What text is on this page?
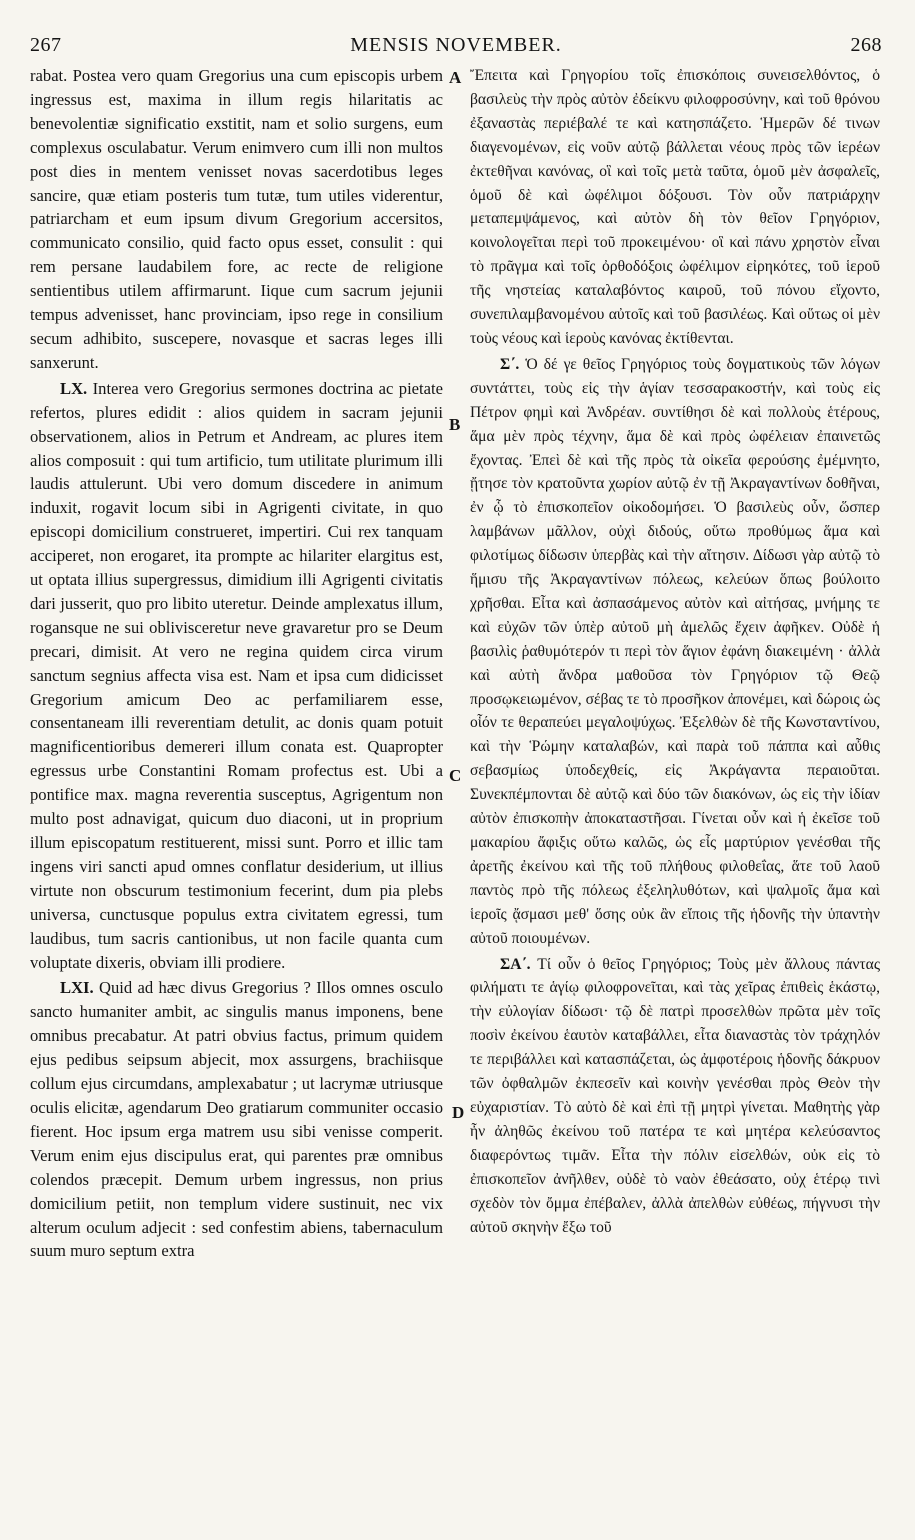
267	MENSIS NOVEMBER.	268

rabat. Postea vero quam Gregorius una cum episcopis urbem ingressus est, maxima in illum regis hilaritatis ac benevolentiæ significatio exstitit, nam et solio surgens, eum complexus osculabatur. Verum enimvero cum illi non multos post dies in mentem venisset novas sacerdotibus leges sancire, quæ etiam posteris tum tutæ, tum utiles viderentur, patriarcham et eum ipsum divum Gregorium accersitos, communicato consilio, quid facto opus esset, consulit : qui rem persane laudabilem fore, ac recte de religione sentientibus utilem affirmarunt. Iique cum sacrum jejunii tempus advenisset, hanc provinciam, ipso rege in consilium secum adhibito, suscepere, novasque et sacras leges illi sanxerunt.

LX. Interea vero Gregorius sermones doctrina ac pietate refertos, plures edidit : alios quidem in sacram jejunii observationem, alios in Petrum et Andream, ac plures item alios composuit : qui tum artificio, tum utilitate plurimum illi laudis attulerunt. Ubi vero domum discedere in animum induxit, rogavit locum sibi in Agrigenti civitate, in quo episcopi domicilium construeret, impertiri. Cui rex tanquam acciperet, non erogaret, ita prompte ac hilariter elargitus est, ut optata illius supergressus, dimidium illi Agrigenti civitatis dari jusserit, quo pro libito uteretur. Deinde amplexatus illum, rogansque ne sui oblivisceretur neve gravaretur pro se Deum precari, dimisit. At vero ne regina quidem circa virum sanctum segnius affecta visa est. Nam et ipsa cum didicisset Gregorium amicum Deo ac perfamiliarem esse, consentaneam illi reverentiam detulit, ac donis quam potuit magnificentioribus demereri illum conata est. Quapropter egressus urbe Constantini Romam profectus est. Ubi a pontifice max. magna reverentia susceptus, Agrigentum non multo post adnavigat, quicum duo diaconi, ut in proprium illum episcopatum restituerent, missi sunt. Porro et illic tam ingens viri sancti apud omnes conflatur desiderium, ut illius virtute non obscurum testimonium fecerint, dum pia plebs universa, cunctusque populus extra civitatem egressi, tum laudibus, tum sacris cantionibus, ut non facile quanta cum voluptate dixeris, obviam illi prodiere.

LXI. Quid ad hæc divus Gregorius ? Illos omnes osculo sancto humaniter ambit, ac singulis manus imponens, bene omnibus precabatur. At patri obvius factus, primum quidem ejus pedibus seipsum abjecit, mox assurgens, brachiisque collum ejus circumdans, amplexabatur ; ut lacrymæ utriusque oculis elicitæ, agendarum Deo gratiarum communiter occasio fierent. Hoc ipsum erga matrem usu sibi venisse comperit. Verum enim ejus discipulus erat, qui parentes præ omnibus colendos præcepit. Demum urbem ingressus, non prius domicilium petiit, non templum videre sustinuit, nec vix alterum oculum adjecit : sed confestim abiens, tabernaculum suum muro septum extra

A
B
C
D

Ἔπειτα καὶ Γρηγορίου τοῖς ἐπισκόποις συνεισελθόντος, ὁ βασιλεὺς τὴν πρὸς αὐτὸν ἐδείκνυ φιλοφροσύνην, καὶ τοῦ θρόνου ἐξαναστὰς περιέβαλέ τε καὶ κατησπάζετο. Ἡμερῶν δέ τινων διαγενομένων, εἰς νοῦν αὐτῷ βάλλεται νέους πρὸς τῶν ἱερέων ἐκτεθῆναι κανόνας, οἳ καὶ τοῖς μετὰ ταῦτα, ὁμοῦ μὲν ἀσφαλεῖς, ὁμοῦ δὲ καὶ ὠφέλιμοι δόξουσι. Τὸν οὖν πατριάρχην μεταπεμψάμενος, καὶ αὐτὸν δὴ τὸν θεῖον Γρηγόριον, κοινολογεῖται περὶ τοῦ προκειμένου· οἳ καὶ πάνυ χρηστὸν εἶναι τὸ πρᾶγμα καὶ τοῖς ὀρθοδόξοις ὠφέλιμον εἰρηκότες, τοῦ ἱεροῦ τῆς νηστείας καταλαβόντος καιροῦ, τοῦ πόνου εἴχοντο, συνεπιλαμβανομένου αὐτοῖς καὶ τοῦ βασιλέως. Καὶ οὕτως οἱ μὲν τοὺς νέους καὶ ἱεροὺς κανόνας ἐκτίθενται.

Σ΄. Ὁ δέ γε θεῖος Γρηγόριος τοὺς δογματικοὺς τῶν λόγων συντάττει, τοὺς εἰς τὴν ἁγίαν τεσσαρακοστήν, καὶ τοὺς εἰς Πέτρον φημὶ καὶ Ἀνδρέαν. συντίθησι δὲ καὶ πολλοὺς ἑτέρους, ἅμα μὲν πρὸς τέχνην, ἅμα δὲ καὶ πρὸς ὠφέλειαν ἐπαινετῶς ἔχοντας. Ἐπεὶ δὲ καὶ τῆς πρὸς τὰ οἰκεῖα φερούσης ἐμέμνητο, ᾔτησε τὸν κρατοῦντα χωρίον αὐτῷ ἐν τῇ Ἀκραγαντίνων δοθῆναι, ἐν ᾧ τὸ ἐπισκοπεῖον οἰκοδομήσει. Ὁ βασιλεὺς οὖν, ὥσπερ λαμβάνων μᾶλλον, οὐχὶ διδούς, οὕτω προθύμως ἅμα καὶ φιλοτίμως δίδωσιν ὑπερβὰς καὶ τὴν αἴτησιν. Δίδωσι γὰρ αὐτῷ τὸ ἥμισυ τῆς Ἀκραγαντίνων πόλεως, κελεύων ὅπως βούλοιτο χρῆσθαι. Εἶτα καὶ ἀσπασάμενος αὐτὸν καὶ αἰτήσας, μνήμης τε καὶ εὐχῶν τῶν ὑπὲρ αὐτοῦ μὴ ἀμελῶς ἔχειν ἀφῆκεν. Οὐδὲ ἡ βασιλὶς ῥαθυμότερόν τι περὶ τὸν ἅγιον ἐφάνη διακειμένη · ἀλλὰ καὶ αὐτὴ ἄνδρα μαθοῦσα τὸν Γρηγόριον τῷ Θεῷ προσῳκειωμένον, σέβας τε τὸ προσῆκον ἀπονέμει, καὶ δώροις ὡς οἷόν τε θεραπεύει μεγαλοψύχως. Ἐξελθὼν δὲ τῆς Κωνσταντίνου, καὶ τὴν Ῥώμην καταλαβών, καὶ παρὰ τοῦ πάππα καὶ αὖθις σεβασμίως ὑποδεχθείς, εἰς Ἀκράγαντα περαιοῦται. Συνεκπέμπονται δὲ αὐτῷ καὶ δύο τῶν διακόνων, ὡς εἰς τὴν ἰδίαν αὐτὸν ἐπισκοπὴν ἀποκαταστῆσαι. Γίνεται οὖν καὶ ἡ ἐκεῖσε τοῦ μακαρίου ἄφιξις οὕτω καλῶς, ὡς εἶς μαρτύριον γενέσθαι τῆς ἀρετῆς ἐκείνου καὶ τῆς τοῦ πλήθους φιλοθεΐας, ἅτε τοῦ λαοῦ παντὸς πρὸ τῆς πόλεως ἐξεληλυθότων, καὶ ψαλμοῖς ἅμα καὶ ἱεροῖς ᾄσμασι μεθ' ὅσης οὐκ ἂν εἴποις τῆς ἡδονῆς τὴν ὑπαντὴν αὐτοῦ ποιουμένων.

ΣΑ΄. Τί οὖν ὁ θεῖος Γρηγόριος; Τοὺς μὲν ἄλλους πάντας φιλήματι τε ἁγίῳ φιλοφρονεῖται, καὶ τὰς χεῖρας ἐπιθεὶς ἑκάστῳ, τὴν εὐλογίαν δίδωσι· τῷ δὲ πατρὶ προσελθὼν πρῶτα μὲν τοῖς ποσὶν ἐκείνου ἑαυτὸν καταβάλλει, εἶτα διαναστὰς τὸν τράχηλόν τε περιβάλλει καὶ κατασπάζεται, ὡς ἀμφοτέροις ἡδονῆς δάκρυον τῶν ὀφθαλμῶν ἐκπεσεῖν καὶ κοινὴν γενέσθαι πρὸς Θεὸν τὴν εὐχαριστίαν. Τὸ αὐτὸ δὲ καὶ ἐπὶ τῇ μητρὶ γίνεται. Μαθητὴς γὰρ ἦν ἀληθῶς ἐκείνου τοῦ πατέρα τε καὶ μητέρα κελεύσαντος διαφερόντως τιμᾶν. Εἶτα τὴν πόλιν εἰσελθών, οὐκ εἰς τὸ ἐπισκοπεῖον ἀνῆλθεν, οὐδὲ τὸ ναὸν ἐθεάσατο, οὐχ ἑτέρῳ τινὶ σχεδὸν τὸν ὄμμα ἐπέβαλεν, ἀλλὰ ἀπελθὼν εὐθέως, πήγνυσι τὴν αὐτοῦ σκηνὴν ἔξω τοῦ
